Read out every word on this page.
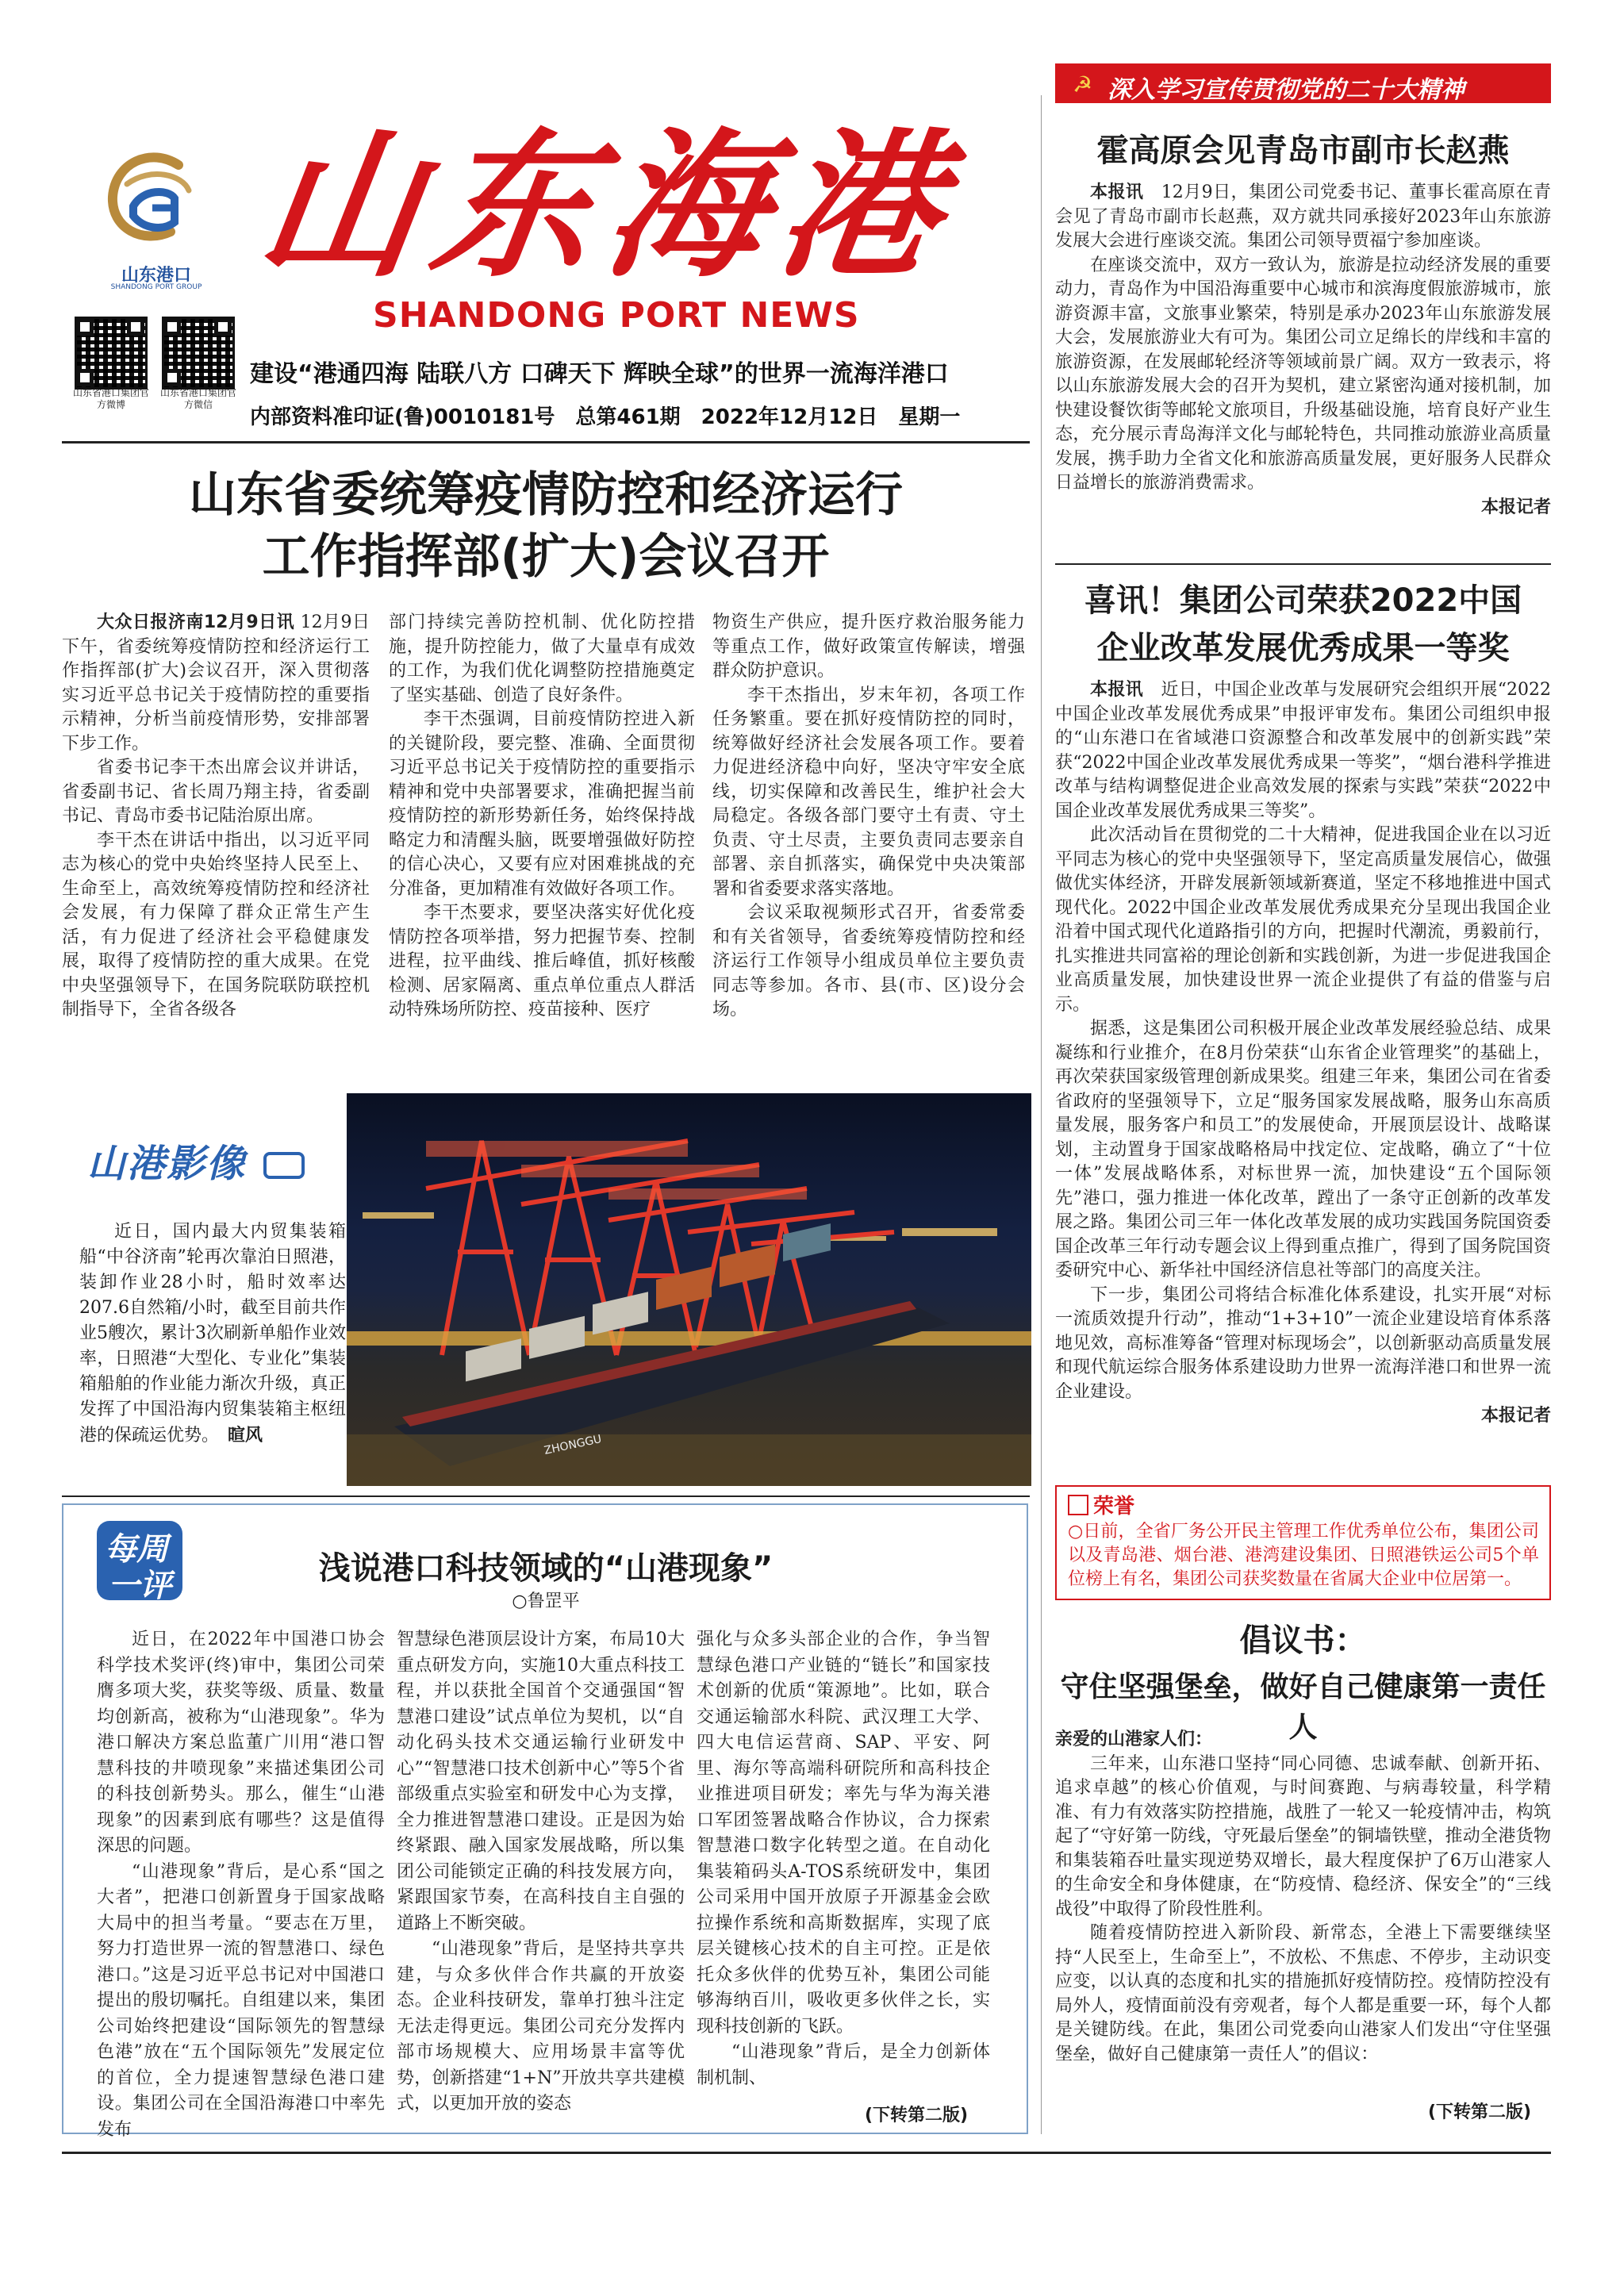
山东港口
SHANDONG PORT GROUP 山东海港
SHANDONG PORT NEWS
山东省港口集团官方微博
山东省港口集团官方微信
建设“港通四海 陆联八方 口碑天下 辉映全球”的世界一流海洋港口
内部资料准印证(鲁)0010181号　总第461期　2022年12月12日　星期一
山东省委统筹疫情防控和经济运行
工作指挥部(扩大)会议召开

大众日报济南12月9日讯 12月9日下午，省委统筹疫情防控和经济运行工作指挥部(扩大)会议召开，深入贯彻落实习近平总书记关于疫情防控的重要指示精神，分析当前疫情形势，安排部署下步工作。

省委书记李干杰出席会议并讲话，省委副书记、省长周乃翔主持，省委副书记、青岛市委书记陆治原出席。

李干杰在讲话中指出，以习近平同志为核心的党中央始终坚持人民至上、生命至上，高效统筹疫情防控和经济社会发展，有力保障了群众正常生产生活，有力促进了经济社会平稳健康发展，取得了疫情防控的重大成果。在党中央坚强领导下，在国务院联防联控机制指导下，全省各级各

部门持续完善防控机制、优化防控措施，提升防控能力，做了大量卓有成效的工作，为我们优化调整防控措施奠定了坚实基础、创造了良好条件。

李干杰强调，目前疫情防控进入新的关键阶段，要完整、准确、全面贯彻习近平总书记关于疫情防控的重要指示精神和党中央部署要求，准确把握当前疫情防控的新形势新任务，始终保持战略定力和清醒头脑，既要增强做好防控的信心决心，又要有应对困难挑战的充分准备，更加精准有效做好各项工作。

李干杰要求，要坚决落实好优化疫情防控各项举措，努力把握节奏、控制进程，拉平曲线、推后峰值，抓好核酸检测、居家隔离、重点单位重点人群活动特殊场所防控、疫苗接种、医疗

物资生产供应，提升医疗救治服务能力等重点工作，做好政策宣传解读，增强群众防护意识。

李干杰指出，岁末年初，各项工作任务繁重。要在抓好疫情防控的同时，统筹做好经济社会发展各项工作。要着力促进经济稳中向好，坚决守牢安全底线，切实保障和改善民生，维护社会大局稳定。各级各部门要守土有责、守土负责、守土尽责，主要负责同志要亲自部署、亲自抓落实，确保党中央决策部署和省委要求落实落地。

会议采取视频形式召开，省委常委和有关省领导，省委统筹疫情防控和经济运行工作领导小组成员单位主要负责同志等参加。各市、县(市、区)设分会场。

山港影像

近日，国内最大内贸集装箱船“中谷济南”轮再次靠泊日照港，装卸作业28小时，船时效率达207.6自然箱/小时，截至目前共作业5艘次，累计3次刷新单船作业效率，日照港“大型化、专业化”集装箱船舶的作业能力渐次升级，真正发挥了中国沿海内贸集装箱主枢纽港的保疏运优势。　 暄风	ZHONGGU
每周
一评	浅说港口科技领域的“山港现象”
○鲁罡平

近日，在2022年中国港口协会科学技术奖评(终)审中，集团公司荣膺多项大奖，获奖等级、质量、数量均创新高，被称为“山港现象”。华为港口解决方案总监董广川用“港口智慧科技的井喷现象”来描述集团公司的科技创新势头。那么，催生“山港现象”的因素到底有哪些？这是值得深思的问题。

“山港现象”背后，是心系“国之大者”，把港口创新置身于国家战略大局中的担当考量。“要志在万里，努力打造世界一流的智慧港口、绿色港口。”这是习近平总书记对中国港口提出的殷切嘱托。自组建以来，集团公司始终把建设“国际领先的智慧绿色港”放在“五个国际领先”发展定位的首位，全力提速智慧绿色港口建设。集团公司在全国沿海港口中率先发布

智慧绿色港顶层设计方案，布局10大重点研发方向，实施10大重点科技工程，并以获批全国首个交通强国“智慧港口建设”试点单位为契机，以“自动化码头技术交通运输行业研发中心”“智慧港口技术创新中心”等5个省部级重点实验室和研发中心为支撑，全力推进智慧港口建设。正是因为始终紧跟、融入国家发展战略，所以集团公司能锁定正确的科技发展方向，紧跟国家节奏，在高科技自主自强的道路上不断突破。

“山港现象”背后，是坚持共享共建，与众多伙伴合作共赢的开放姿态。企业科技研发，靠单打独斗注定无法走得更远。集团公司充分发挥内部市场规模大、应用场景丰富等优势，创新搭建“1+N”开放共享共建模式，以更加开放的姿态

强化与众多头部企业的合作，争当智慧绿色港口产业链的“链长”和国家技术创新的优质“策源地”。比如，联合交通运输部水科院、武汉理工大学、四大电信运营商、SAP、平安、阿里、海尔等高端科研院所和高科技企业推进项目研发；率先与华为海关港口军团签署战略合作协议，合力探索智慧港口数字化转型之道。在自动化集装箱码头A-TOS系统研发中，集团公司采用中国开放原子开源基金会欧拉操作系统和高斯数据库，实现了底层关键核心技术的自主可控。正是依托众多伙伴的优势互补，集团公司能够海纳百川，吸收更多伙伴之长，实现科技创新的飞跃。

“山港现象”背后，是全力创新体制机制、

(下转第二版)
☭ 深入学习宣传贯彻党的二十大精神
霍高原会见青岛市副市长赵燕

本报讯　 12月9日，集团公司党委书记、董事长霍高原在青会见了青岛市副市长赵燕，双方就共同承接好2023年山东旅游发展大会进行座谈交流。集团公司领导贾福宁参加座谈。

在座谈交流中，双方一致认为，旅游是拉动经济发展的重要动力，青岛作为中国沿海重要中心城市和滨海度假旅游城市，旅游资源丰富，文旅事业繁荣，特别是承办2023年山东旅游发展大会，发展旅游业大有可为。集团公司立足绵长的岸线和丰富的旅游资源，在发展邮轮经济等领域前景广阔。双方一致表示，将以山东旅游发展大会的召开为契机，建立紧密沟通对接机制，加快建设餐饮街等邮轮文旅项目，升级基础设施，培育良好产业生态，充分展示青岛海洋文化与邮轮特色，共同推动旅游业高质量发展，携手助力全省文化和旅游高质量发展，更好服务人民群众日益增长的旅游消费需求。

本报记者

喜讯！集团公司荣获2022中国
企业改革发展优秀成果一等奖

本报讯　 近日，中国企业改革与发展研究会组织开展“2022中国企业改革发展优秀成果”申报评审发布。集团公司组织申报的“山东港口在省域港口资源整合和改革发展中的创新实践”荣获“2022中国企业改革发展优秀成果一等奖”，“烟台港科学推进改革与结构调整促进企业高效发展的探索与实践”荣获“2022中国企业改革发展优秀成果三等奖”。

此次活动旨在贯彻党的二十大精神，促进我国企业在以习近平同志为核心的党中央坚强领导下，坚定高质量发展信心，做强做优实体经济，开辟发展新领域新赛道，坚定不移地推进中国式现代化。2022中国企业改革发展优秀成果充分呈现出我国企业沿着中国式现代化道路指引的方向，把握时代潮流，勇毅前行，扎实推进共同富裕的理论创新和实践创新，为进一步促进我国企业高质量发展，加快建设世界一流企业提供了有益的借鉴与启示。

据悉，这是集团公司积极开展企业改革发展经验总结、成果凝练和行业推介，在8月份荣获“山东省企业管理奖”的基础上，再次荣获国家级管理创新成果奖。组建三年来，集团公司在省委省政府的坚强领导下，立足“服务国家发展战略，服务山东高质量发展，服务客户和员工”的发展使命，开展顶层设计、战略谋划，主动置身于国家战略格局中找定位、定战略，确立了“十位一体”发展战略体系，对标世界一流，加快建设“五个国际领先”港口，强力推进一体化改革，蹚出了一条守正创新的改革发展之路。集团公司三年一体化改革发展的成功实践国务院国资委国企改革三年行动专题会议上得到重点推广，得到了国务院国资委研究中心、新华社中国经济信息社等部门的高度关注。

下一步，集团公司将结合标准化体系建设，扎实开展“对标一流质效提升行动”，推动“1+3+10”一流企业建设培育体系落地见效，高标准筹备“管理对标现场会”，以创新驱动高质量发展和现代航运综合服务体系建设助力世界一流海洋港口和世界一流企业建设。

本报记者

荣誉
○日前，全省厂务公开民主管理工作优秀单位公布，集团公司以及青岛港、烟台港、港湾建设集团、日照港铁运公司5个单位榜上有名，集团公司获奖数量在省属大企业中位居第一。
倡议书：
守住坚强堡垒，做好自己健康第一责任人

亲爱的山港家人们：

三年来，山东港口坚持“同心同德、忠诚奉献、创新开拓、追求卓越”的核心价值观，与时间赛跑、与病毒较量，科学精准、有力有效落实防控措施，战胜了一轮又一轮疫情冲击，构筑起了“守好第一防线，守死最后堡垒”的铜墙铁壁，推动全港货物和集装箱吞吐量实现逆势双增长，最大程度保护了6万山港家人的生命安全和身体健康，在“防疫情、稳经济、保安全”的“三线战役”中取得了阶段性胜利。

随着疫情防控进入新阶段、新常态，全港上下需要继续坚持“人民至上，生命至上”，不放松、不焦虑、不停步，主动识变应变，以认真的态度和扎实的措施抓好疫情防控。疫情防控没有局外人，疫情面前没有旁观者，每个人都是重要一环，每个人都是关键防线。在此，集团公司党委向山港家人们发出“守住坚强堡垒，做好自己健康第一责任人”的倡议：

(下转第二版)
